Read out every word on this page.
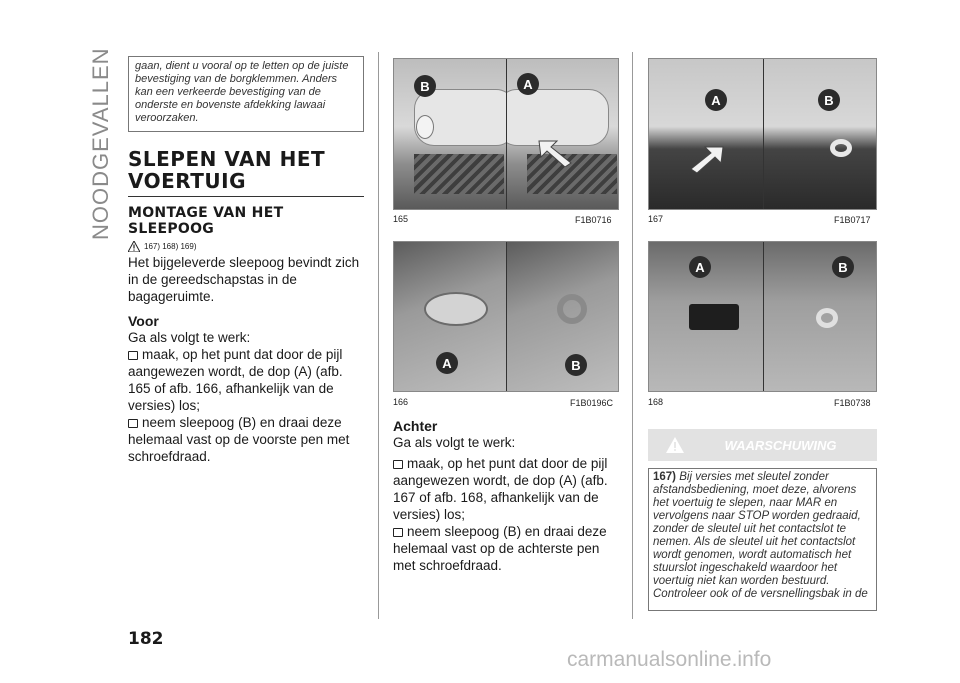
NOODGEVALLEN
182
gaan, dient u vooral op te letten op de juiste bevestiging van de borgklemmen. Anders kan een verkeerde bevestiging van de onderste en bovenste afdekking lawaai veroorzaken.
SLEPEN VAN HET VOERTUIG
MONTAGE VAN HET SLEEPOOG
167) 168) 169)
Het bijgeleverde sleepoog bevindt zich in de gereedschapstas in de bagageruimte.
Voor
Ga als volgt te werk:
maak, op het punt dat door de pijl aangewezen wordt, de dop (A) (afb. 165 of afb. 166, afhankelijk van de versies) los;
neem sleepoog (B) en draai deze helemaal vast op de voorste pen met schroefdraad.
B	A
165	F1B0716
A	B
166	F1B0196C
Achter
Ga als volgt te werk:
maak, op het punt dat door de pijl aangewezen wordt, de dop (A) (afb. 167 of afb. 168, afhankelijk van de versies) los;
neem sleepoog (B) en draai deze helemaal vast op de achterste pen met schroefdraad.
A	B
167	F1B0717
A	B
168	F1B0738
WAARSCHUWING
167) Bij versies met sleutel zonder afstandsbediening, moet deze, alvorens het voertuig te slepen, naar MAR en vervolgens naar STOP worden gedraaid, zonder de sleutel uit het contactslot te nemen. Als de sleutel uit het contactslot wordt genomen, wordt automatisch het stuurslot ingeschakeld waardoor het voertuig niet kan worden bestuurd. Controleer ook of de versnellingsbak in de
carmanualsonline.info
